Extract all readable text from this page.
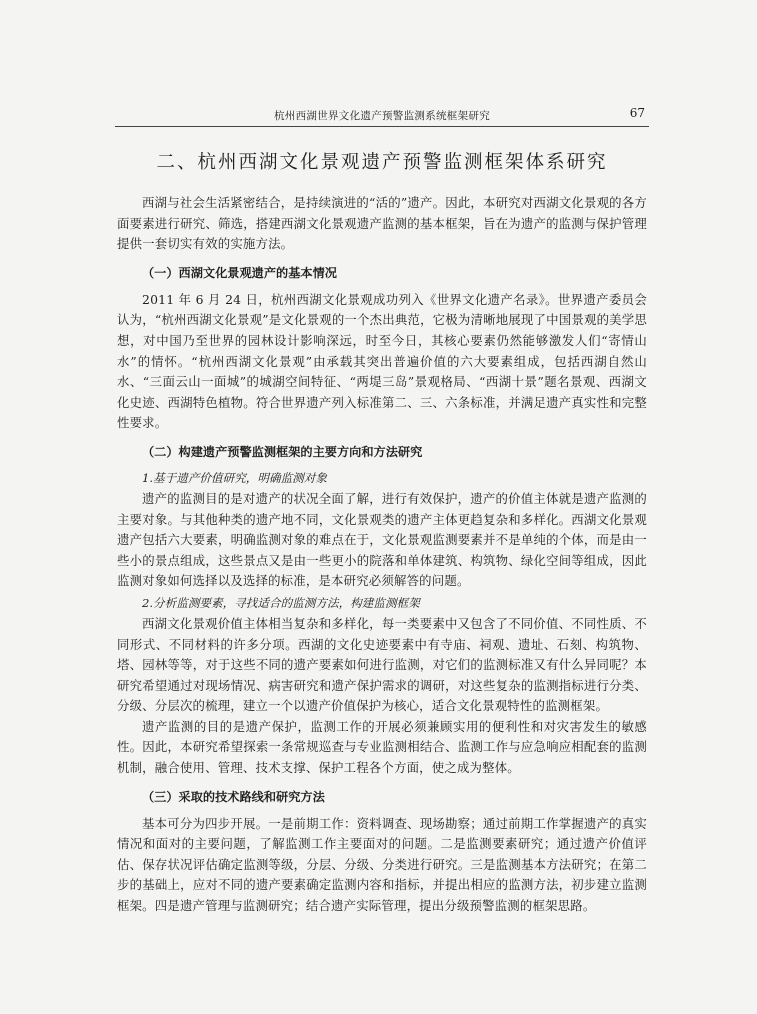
杭州西湖世界文化遗产预警监测系统框架研究	67
二、杭州西湖文化景观遗产预警监测框架体系研究

西湖与社会生活紧密结合，是持续演进的“活的”遗产。因此，本研究对西湖文化景观的各方面要素进行研究、筛选，搭建西湖文化景观遗产监测的基本框架，旨在为遗产的监测与保护管理提供一套切实有效的实施方法。

（一）西湖文化景观遗产的基本情况

2011 年 6 月 24 日，杭州西湖文化景观成功列入《世界文化遗产名录》。世界遗产委员会认为，“杭州西湖文化景观”是文化景观的一个杰出典范，它极为清晰地展现了中国景观的美学思想，对中国乃至世界的园林设计影响深远，时至今日，其核心要素仍然能够激发人们“寄情山水”的情怀。“杭州西湖文化景观”由承载其突出普遍价值的六大要素组成，包括西湖自然山水、“三面云山一面城”的城湖空间特征、“两堤三岛”景观格局、“西湖十景”题名景观、西湖文化史迹、西湖特色植物。符合世界遗产列入标准第二、三、六条标准，并满足遗产真实性和完整性要求。

（二）构建遗产预警监测框架的主要方向和方法研究
1.基于遗产价值研究，明确监测对象

遗产的监测目的是对遗产的状况全面了解，进行有效保护，遗产的价值主体就是遗产监测的主要对象。与其他种类的遗产地不同，文化景观类的遗产主体更趋复杂和多样化。西湖文化景观遗产包括六大要素，明确监测对象的难点在于，文化景观监测要素并不是单纯的个体，而是由一些小的景点组成，这些景点又是由一些更小的院落和单体建筑、构筑物、绿化空间等组成，因此监测对象如何选择以及选择的标准，是本研究必须解答的问题。

2.分析监测要素，寻找适合的监测方法，构建监测框架

西湖文化景观价值主体相当复杂和多样化，每一类要素中又包含了不同价值、不同性质、不同形式、不同材料的许多分项。西湖的文化史迹要素中有寺庙、祠观、遗址、石刻、构筑物、塔、园林等等，对于这些不同的遗产要素如何进行监测，对它们的监测标准又有什么异同呢？本研究希望通过对现场情况、病害研究和遗产保护需求的调研，对这些复杂的监测指标进行分类、分级、分层次的梳理，建立一个以遗产价值保护为核心，适合文化景观特性的监测框架。

遗产监测的目的是遗产保护，监测工作的开展必须兼顾实用的便利性和对灾害发生的敏感性。因此，本研究希望探索一条常规巡查与专业监测相结合、监测工作与应急响应相配套的监测机制，融合使用、管理、技术支撑、保护工程各个方面，使之成为整体。

（三）采取的技术路线和研究方法

基本可分为四步开展。一是前期工作：资料调查、现场勘察；通过前期工作掌握遗产的真实情况和面对的主要问题，了解监测工作主要面对的问题。二是监测要素研究；通过遗产价值评估、保存状况评估确定监测等级，分层、分级、分类进行研究。三是监测基本方法研究；在第二步的基础上，应对不同的遗产要素确定监测内容和指标，并提出相应的监测方法，初步建立监测框架。四是遗产管理与监测研究；结合遗产实际管理，提出分级预警监测的框架思路。
